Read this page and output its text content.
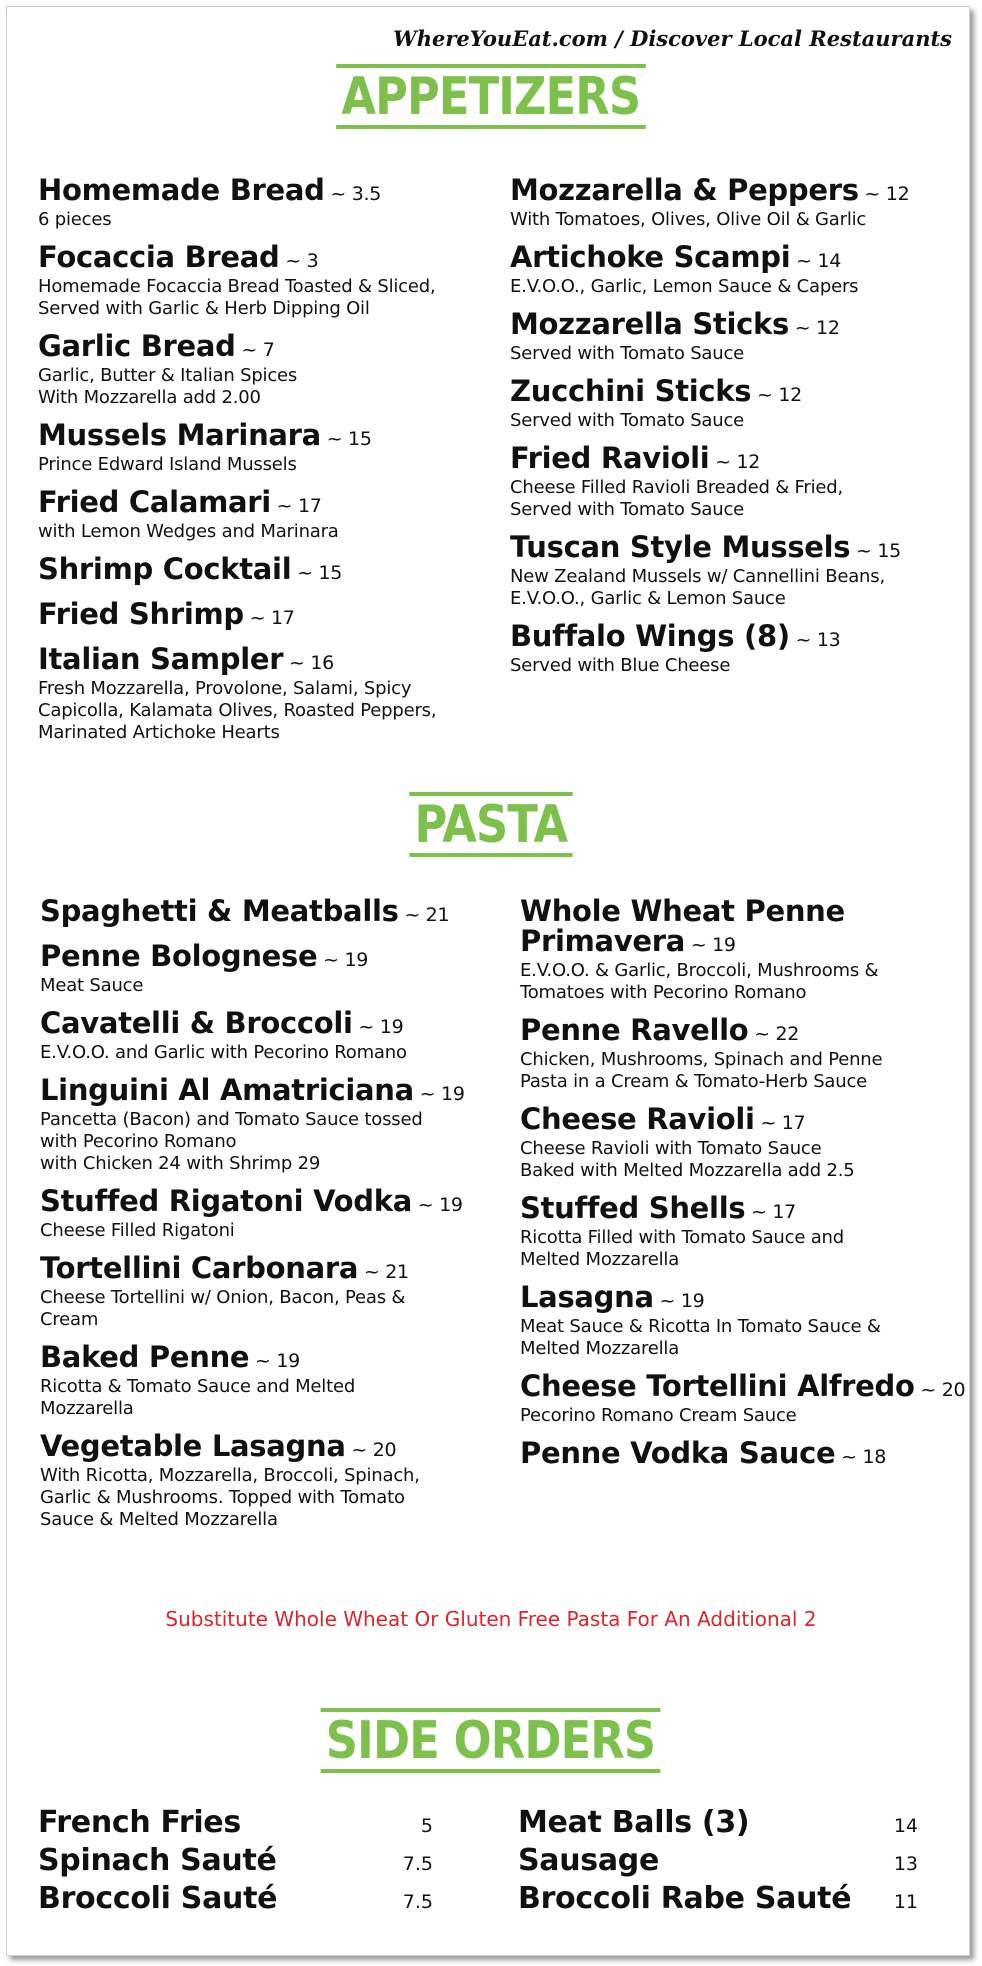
WhereYouEat.com / Discover Local Restaurants
APPETIZERS
Homemade Bread ~ 3.5
6 pieces
Focaccia Bread ~ 3
Homemade Focaccia Bread Toasted & Sliced,
Served with Garlic & Herb Dipping Oil
Garlic Bread ~ 7
Garlic, Butter & Italian Spices
With Mozzarella add 2.00
Mussels Marinara ~ 15
Prince Edward Island Mussels
Fried Calamari ~ 17
with Lemon Wedges and Marinara
Shrimp Cocktail ~ 15
Fried Shrimp ~ 17
Italian Sampler ~ 16
Fresh Mozzarella, Provolone, Salami, Spicy
Capicolla, Kalamata Olives, Roasted Peppers,
Marinated Artichoke Hearts
Mozzarella & Peppers ~ 12
With Tomatoes, Olives, Olive Oil & Garlic
Artichoke Scampi ~ 14
E.V.O.O., Garlic, Lemon Sauce & Capers
Mozzarella Sticks ~ 12
Served with Tomato Sauce
Zucchini Sticks ~ 12
Served with Tomato Sauce
Fried Ravioli ~ 12
Cheese Filled Ravioli Breaded & Fried,
Served with Tomato Sauce
Tuscan Style Mussels ~ 15
New Zealand Mussels w/ Cannellini Beans,
E.V.O.O., Garlic & Lemon Sauce
Buffalo Wings (8) ~ 13
Served with Blue Cheese
PASTA
Spaghetti & Meatballs ~ 21
Penne Bolognese ~ 19
Meat Sauce
Cavatelli & Broccoli ~ 19
E.V.O.O. and Garlic with Pecorino Romano
Linguini Al Amatriciana ~ 19
Pancetta (Bacon) and Tomato Sauce tossed
with Pecorino Romano
with Chicken 24 with Shrimp 29
Stuffed Rigatoni Vodka ~ 19
Cheese Filled Rigatoni
Tortellini Carbonara ~ 21
Cheese Tortellini w/ Onion, Bacon, Peas &
Cream
Baked Penne ~ 19
Ricotta & Tomato Sauce and Melted
Mozzarella
Vegetable Lasagna ~ 20
With Ricotta, Mozzarella, Broccoli, Spinach,
Garlic & Mushrooms. Topped with Tomato
Sauce & Melted Mozzarella
Whole Wheat Penne
Primavera ~ 19
E.V.O.O. & Garlic, Broccoli, Mushrooms &
Tomatoes with Pecorino Romano
Penne Ravello ~ 22
Chicken, Mushrooms, Spinach and Penne
Pasta in a Cream & Tomato-Herb Sauce
Cheese Ravioli ~ 17
Cheese Ravioli with Tomato Sauce
Baked with Melted Mozzarella add 2.5
Stuffed Shells ~ 17
Ricotta Filled with Tomato Sauce and
Melted Mozzarella
Lasagna ~ 19
Meat Sauce & Ricotta In Tomato Sauce &
Melted Mozzarella
Cheese Tortellini Alfredo ~ 20
Pecorino Romano Cream Sauce
Penne Vodka Sauce ~ 18
Substitute Whole Wheat Or Gluten Free Pasta For An Additional 2
SIDE ORDERS
French Fries	5
Spinach Sauté	7.5
Broccoli Sauté	7.5
Meat Balls (3)	14
Sausage	13
Broccoli Rabe Sauté 11
